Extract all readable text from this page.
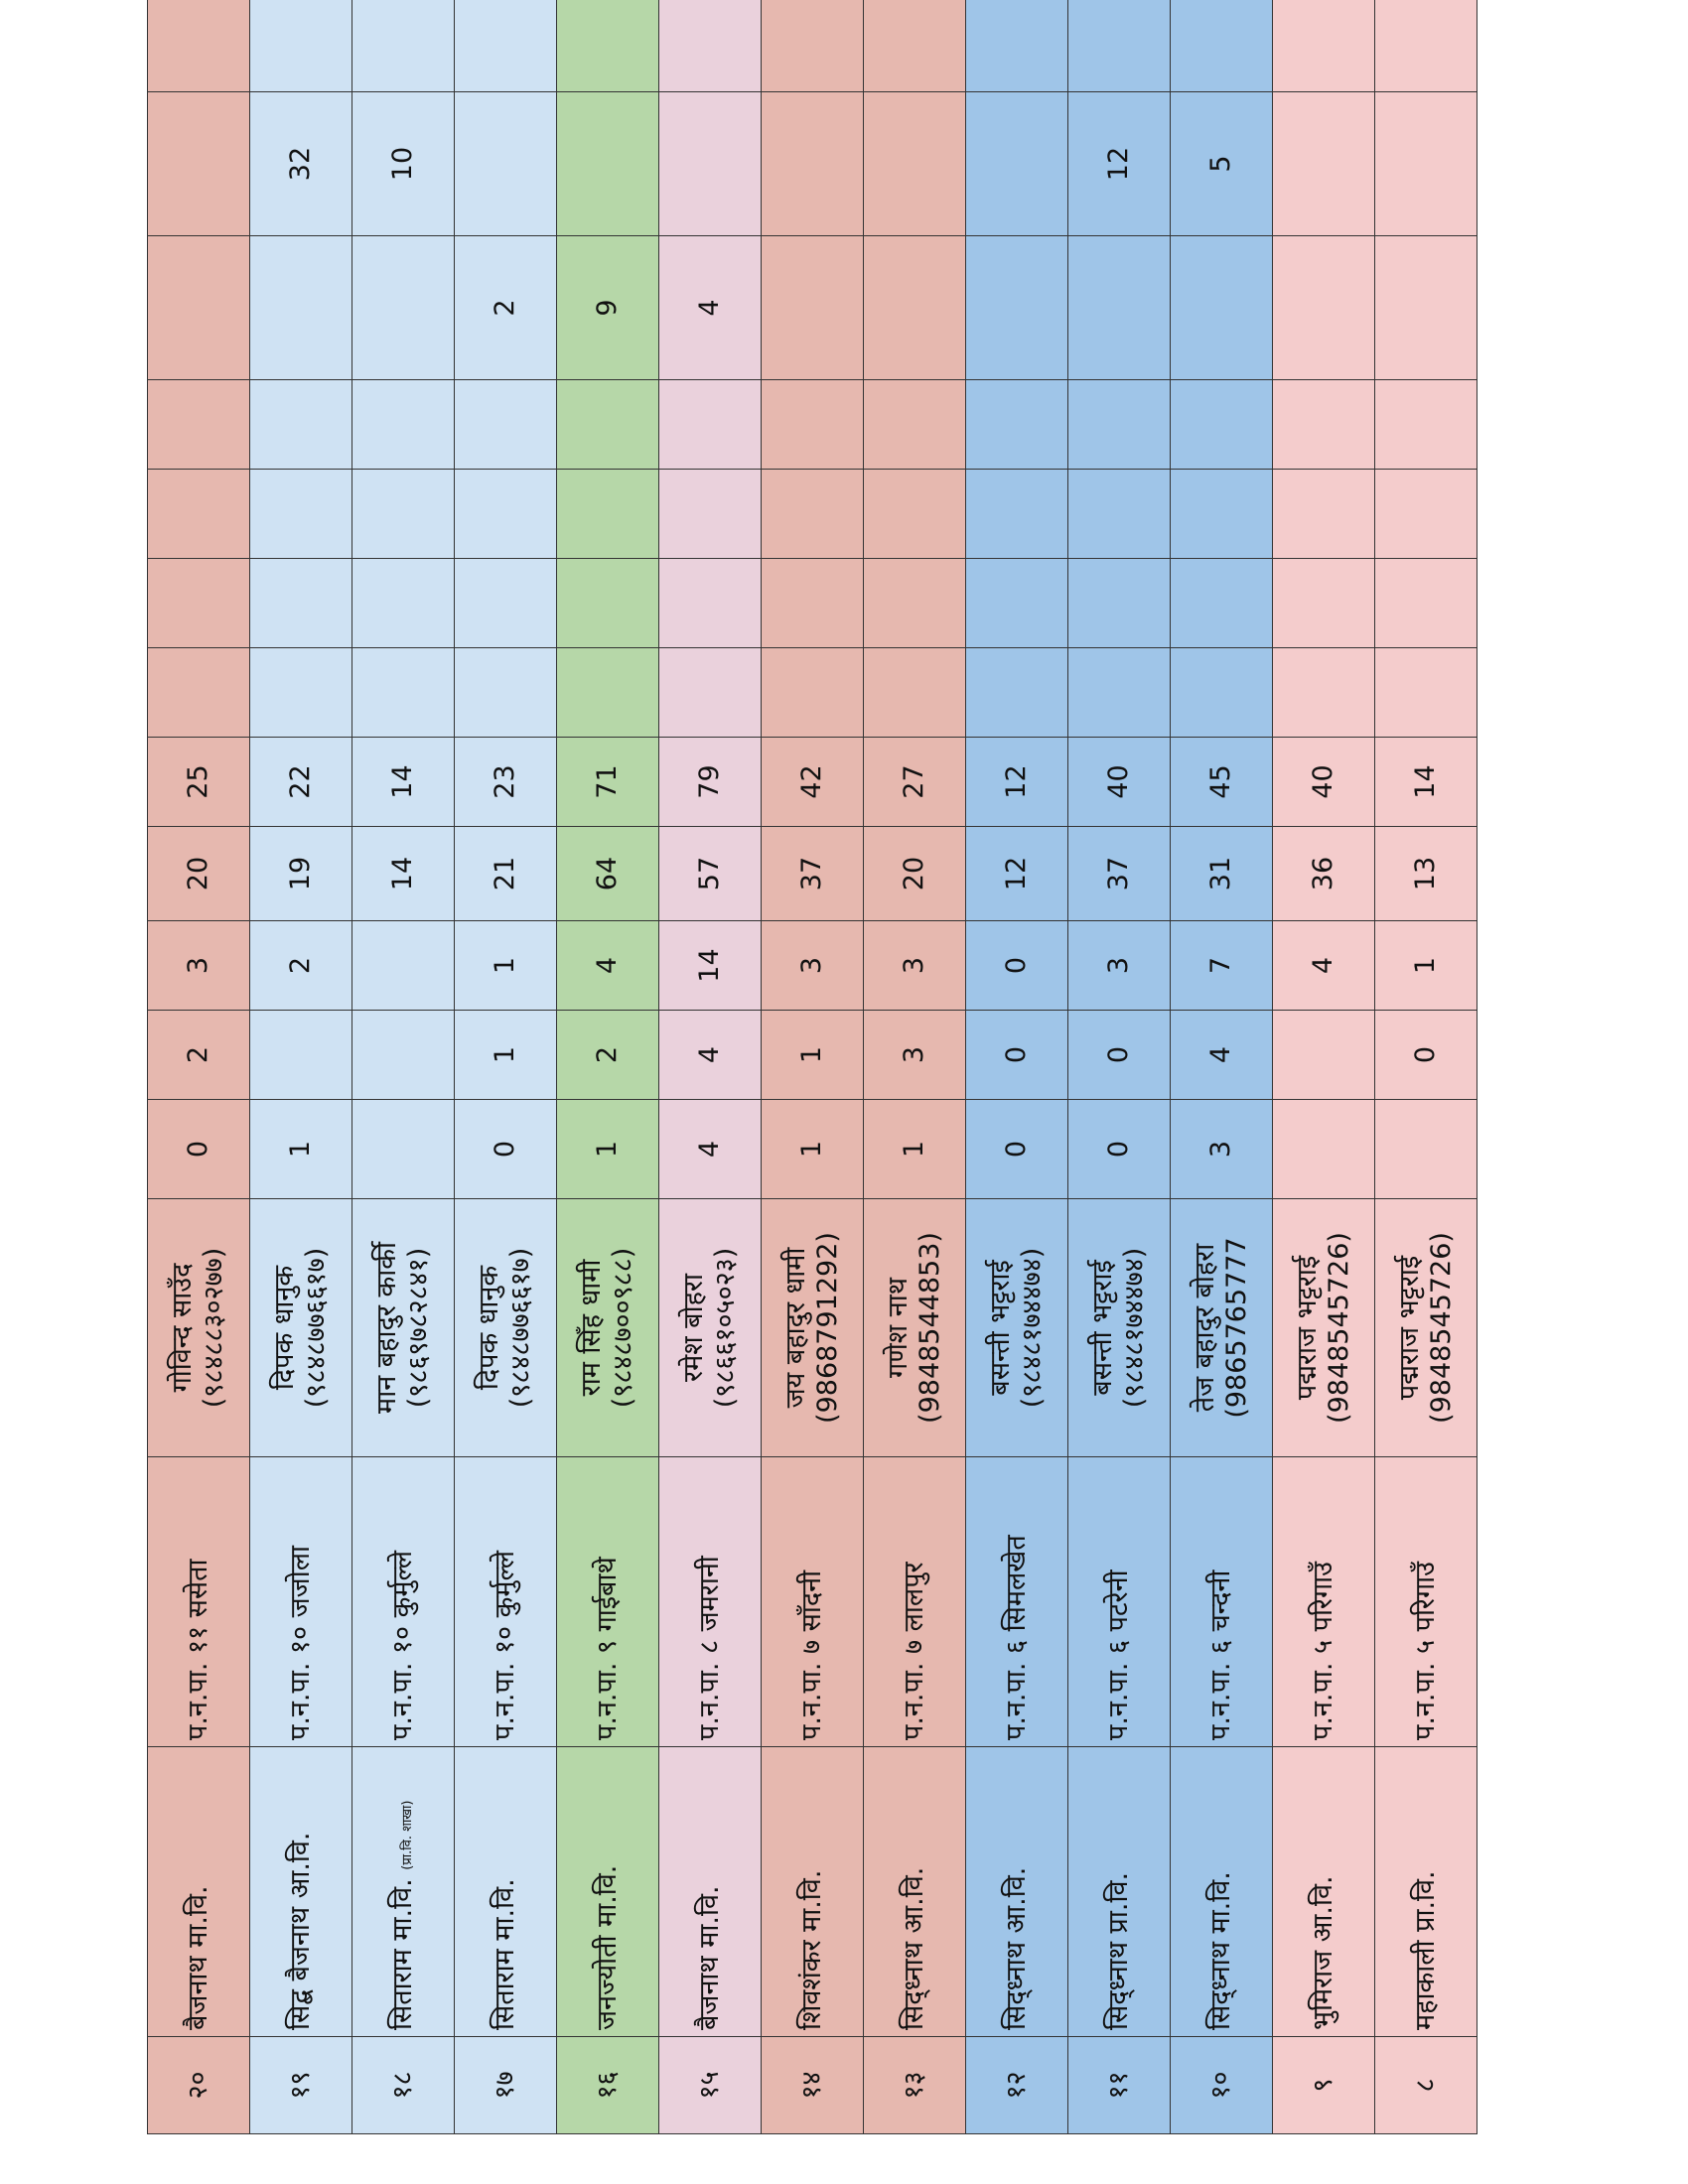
२०	बैजनाथ मा.वि.	प.न.पा. ११ ससेता	गोविन्द साउँद (९८४८८३०२७७)	0	2	3	20	25							
१९	सिद्ब बैजनाथ आ.वि.	प.न.पा. १० जजोला	दिपक धानुक (९८४८७७६६१७)	1		2	19	22						32	
१८	सिताराम मा.वि. (प्रा.वि. शाखा)	प.न.पा. १० कुर्मुल्ले	मान बहादुर कार्की (९८६९७८२८४१)				14	14						10	
१७	सिताराम मा.वि.	प.न.पा. १० कुर्मुल्ले	दिपक धानुक (९८४८७७६६१७)	0	1	1	21	23					2		
१६	जनज्योती मा.वि.	प.न.पा. ९ गाईबाथे	राम सिँह धामी (९८४८७००९८८)	1	2	4	64	71					9		
१५	बैजनाथ मा.वि.	प.न.पा. ८ जमरानी	रमेश बोहरा (९८६६१०५०२३)	4	4	14	57	79					4		
१४	शिवशंकर मा.वि.	प.न.पा. ७ साँदनी	जय बहादुर धामी (9868791292)	1	1	3	37	42							
१३	सिद्ध्नाथ आ.वि.	प.न.पा. ७ लालपुर	गणेश नाथ (9848544853)	1	3	3	20	27							
१२	सिद्ध्नाथ आ.वि.	प.न.पा. ६ सिमलखेत	बसन्ती भट्टराई (९८४८१७४४७४)	0	0	0	12	12							
११	सिद्ध्नाथ प्रा.वि.	प.न.पा. ६ पटरेनी	बसन्ती भट्टराई (९८४८१७४४७४)	0	0	3	37	40						12	
१०	सिद्ध्नाथ मा.वि.	प.न.पा. ६ चन्दनी	तेज बहादुर बोहरा (9865765777	3	4	7	31	45						5	
९	भुमिराज आ.वि.	प.न.पा. ५ परिगाउँ	पद्मराज भट्टराई (9848545726)			4	36	40							
८	महाकाली प्रा.वि.	प.न.पा. ५ परिगाउँ	पद्मराज भट्टराई (9848545726)		0	1	13	14							
